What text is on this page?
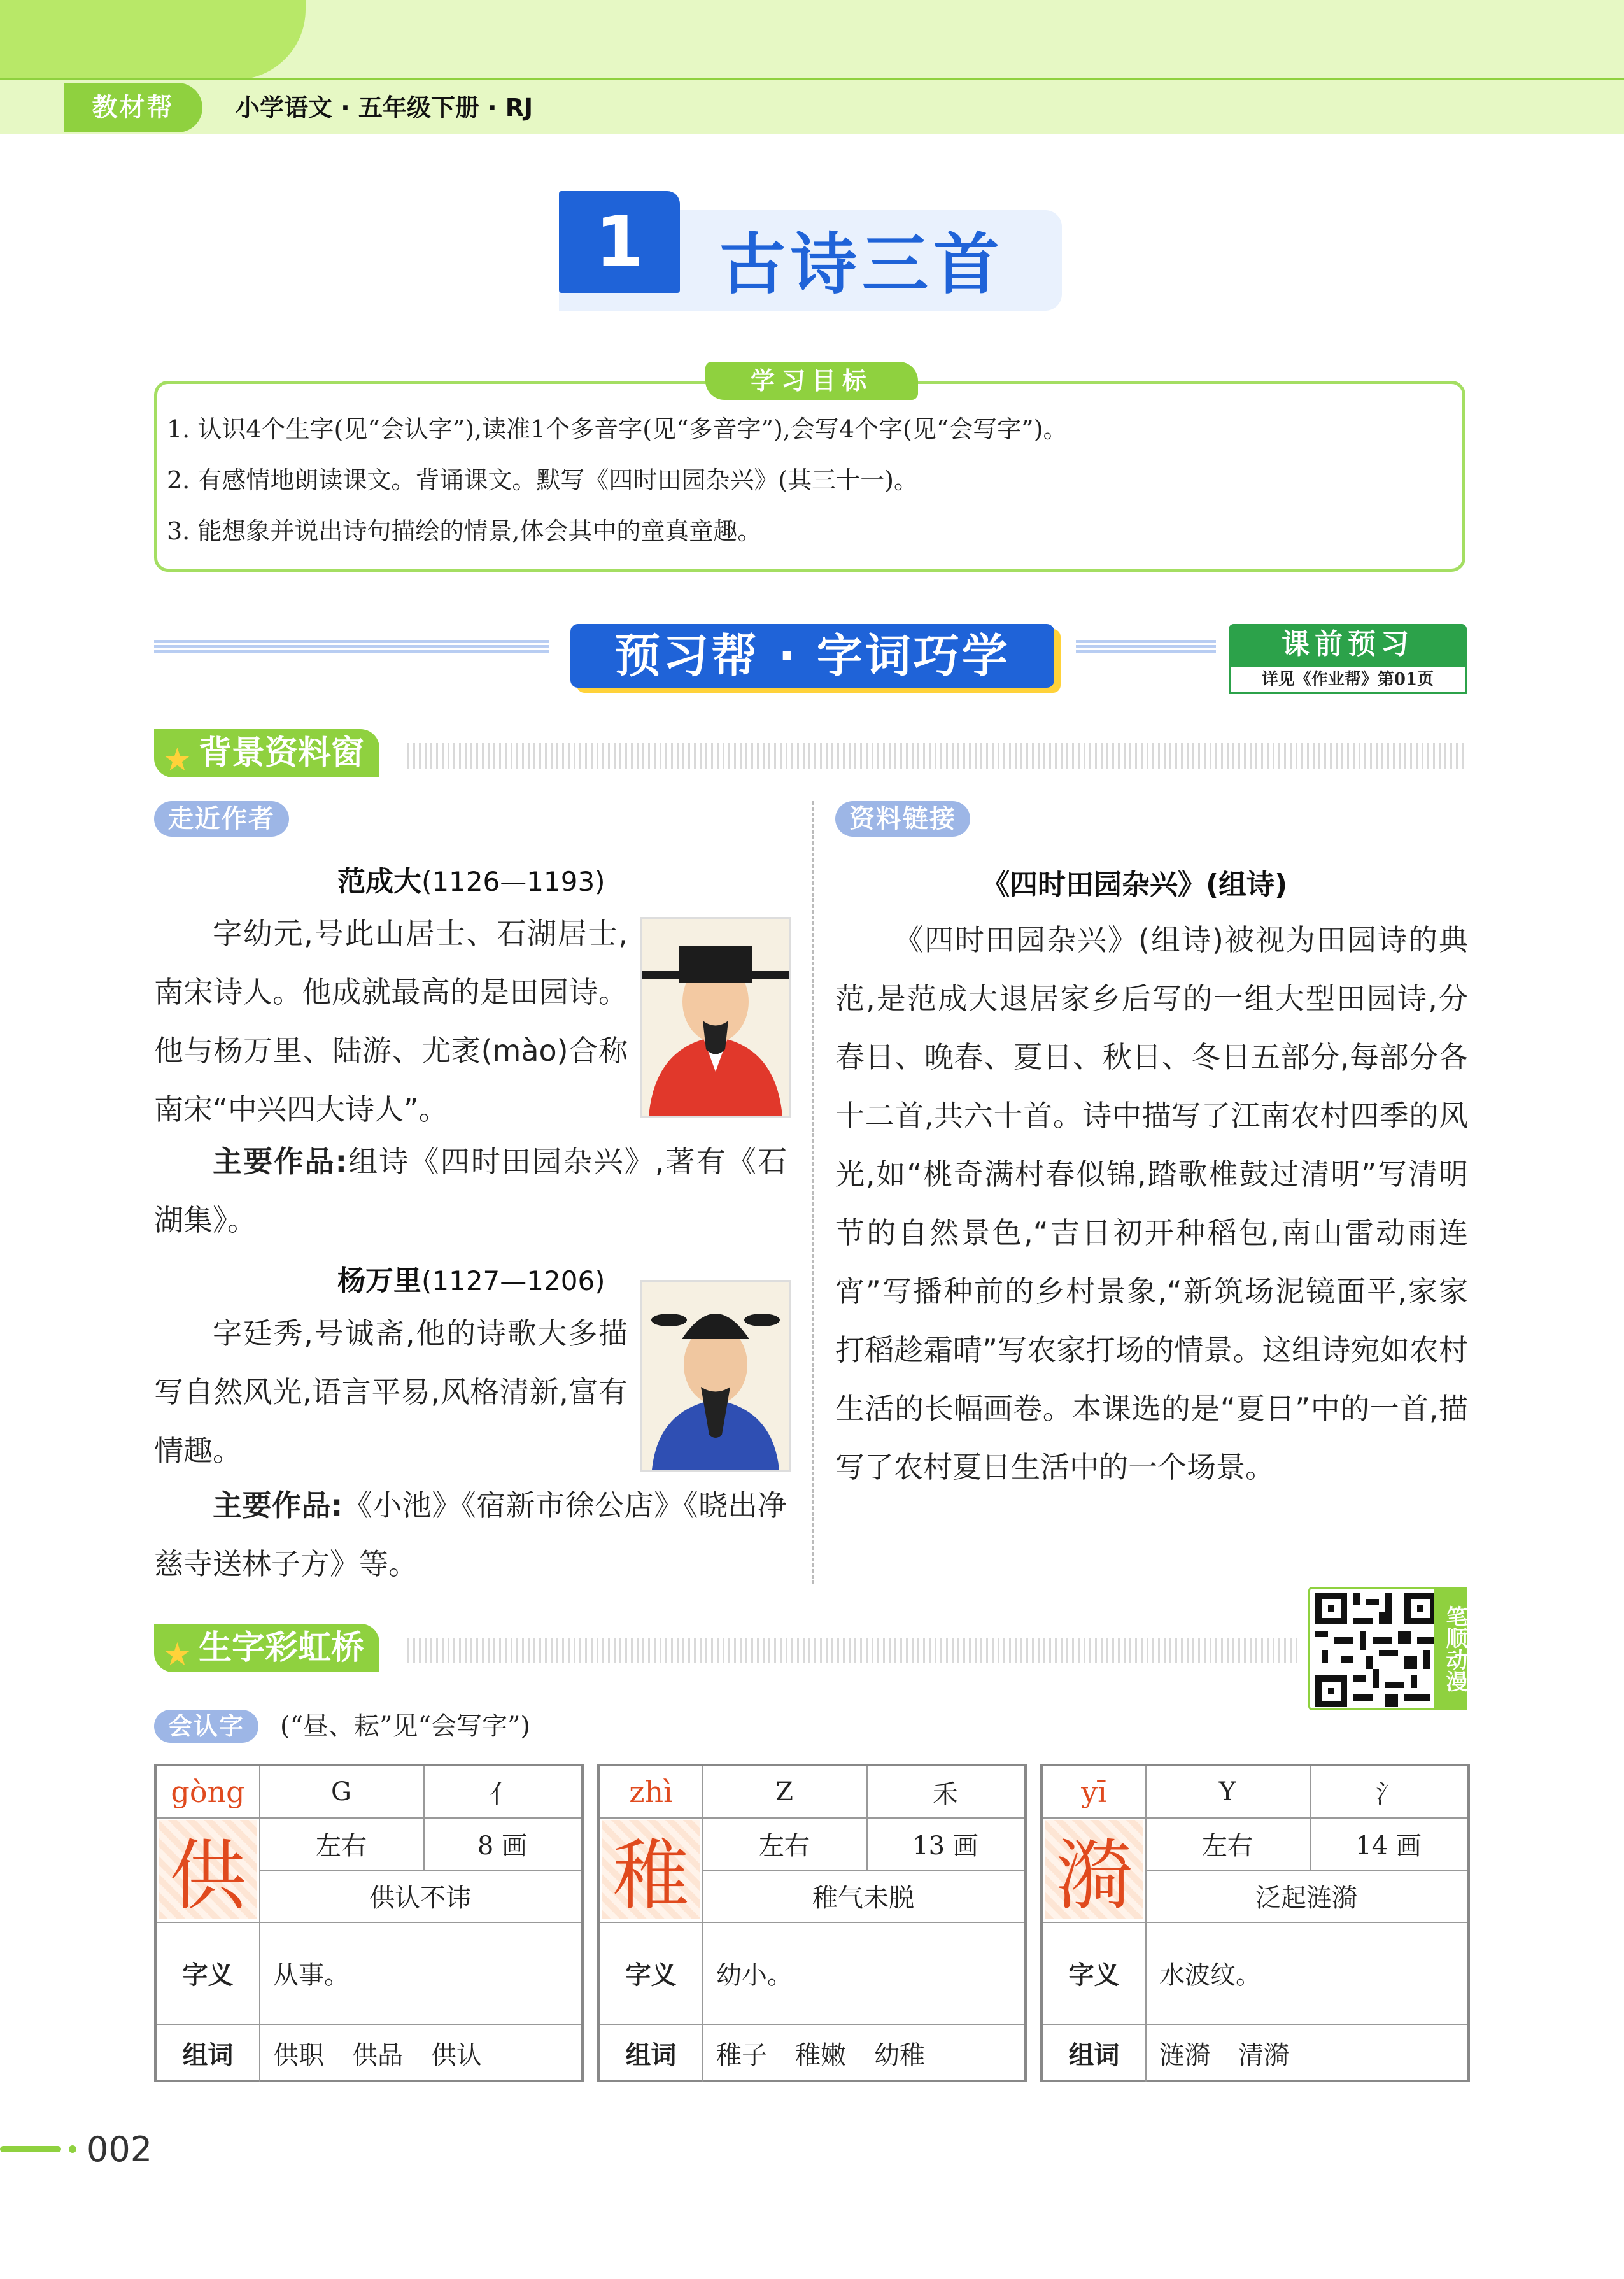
教材帮	小学语文 · 五年级下册 · RJ
1	古诗三首
学习目标
1. 认识4个生字(见“会认字”),读准1个多音字(见“多音字”),会写4个字(见“会写字”)。
2. 有感情地朗读课文。背诵课文。默写《四时田园杂兴》(其三十一)。
3. 能想象并说出诗句描绘的情景,体会其中的童真童趣。
预习帮 · 字词巧学	课前预习
详见《作业帮》第01页
★ 背景资料窗
走近作者	资料链接
范成大(1126—1193)
字幼元,号此山居士、石湖居士,南宋诗人。他成就最高的是田园诗。他与杨万里、陆游、尤袤(mào)合称南宋“中兴四大诗人”。
主要作品:组诗《四时田园杂兴》,著有《石湖集》。
杨万里(1127—1206)
字廷秀,号诚斋,他的诗歌大多描写自然风光,语言平易,风格清新,富有情趣。
主要作品:《小池》《宿新市徐公店》《晓出净慈寺送林子方》等。
《四时田园杂兴》(组诗)
《四时田园杂兴》(组诗)被视为田园诗的典范,是范成大退居家乡后写的一组大型田园诗,分春日、晚春、夏日、秋日、冬日五部分,每部分各十二首,共六十首。诗中描写了江南农村四季的风光,如“桃奇满村春似锦,踏歌椎鼓过清明”写清明节的自然景色,“吉日初开种稻包,南山雷动雨连宵”写播种前的乡村景象,“新筑场泥镜面平,家家打稻趁霜晴”写农家打场的情景。这组诗宛如农村生活的长幅画卷。本课选的是“夏日”中的一首,描写了农村夏日生活中的一个场景。
★ 生字彩虹桥	笔顺动漫
会认字	(“昼、耘”见“会写字”)
gòng	G	亻
供	左右	8 画
供认不讳
字义	从事。
组词	供职 供品 供认
zhì	Z	禾
稚	左右	13 画
稚气未脱
字义	幼小。
组词	稚子 稚嫩 幼稚
yī	Y	氵
漪	左右	14 画
泛起涟漪
字义	水波纹。
组词	涟漪 清漪
002
